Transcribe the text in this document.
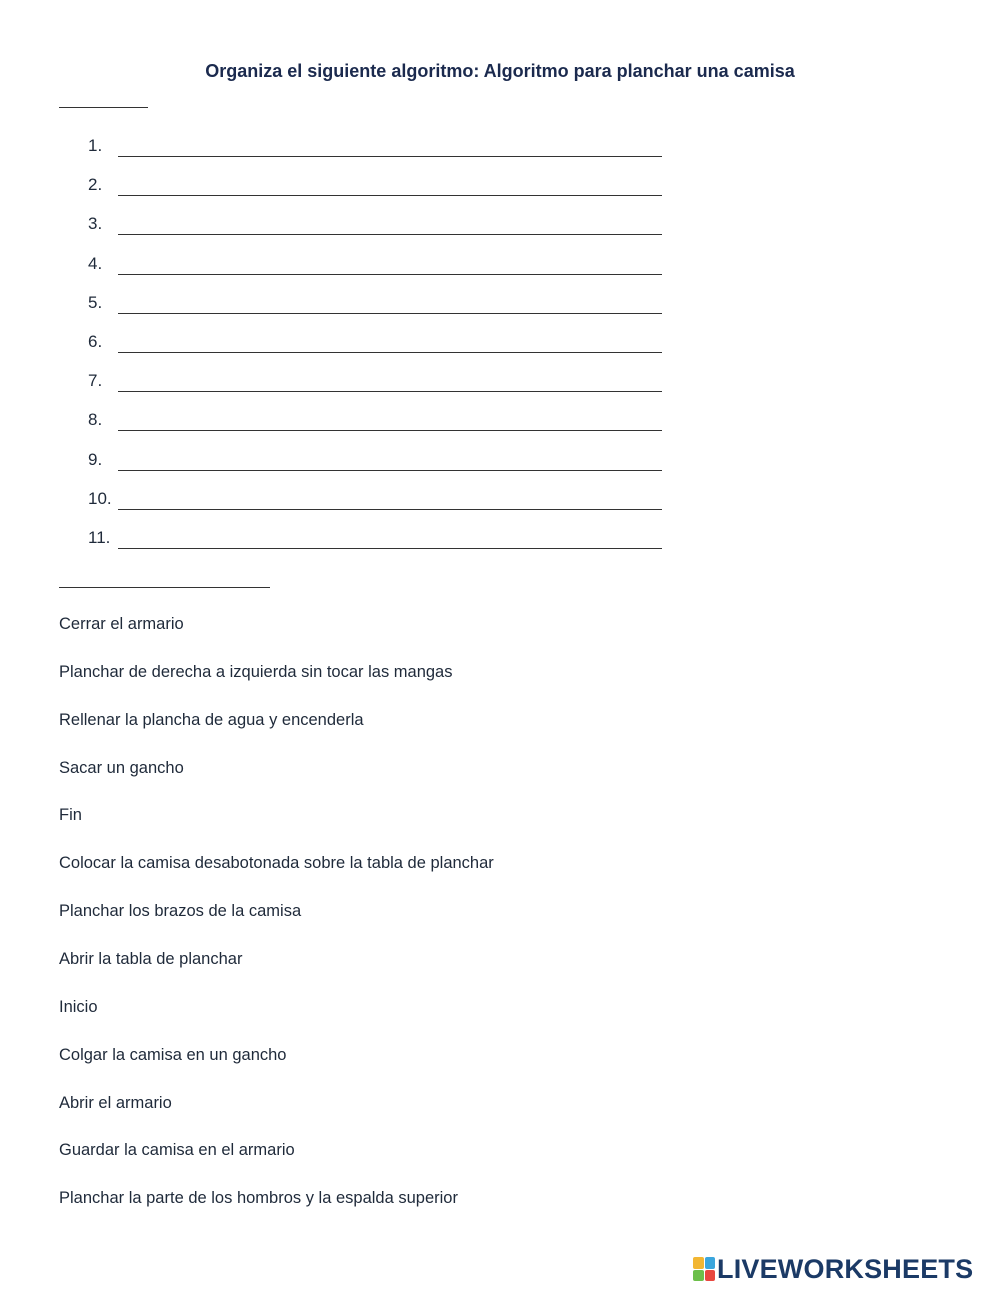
Organiza el siguiente algoritmo: Algoritmo para planchar una camisa
1.
2.
3.
4.
5.
6.
7.
8.
9.
10.
11.
Cerrar el armario
Planchar de derecha a izquierda sin tocar las mangas
Rellenar la plancha de agua y encenderla
Sacar un gancho
Fin
Colocar la camisa desabotonada sobre la tabla de planchar
Planchar los brazos de la camisa
Abrir la tabla de planchar
Inicio
Colgar la camisa en un gancho
Abrir el armario
Guardar la camisa en el armario
Planchar la parte de los hombros y la espalda superior
LIVEWORKSHEETS
